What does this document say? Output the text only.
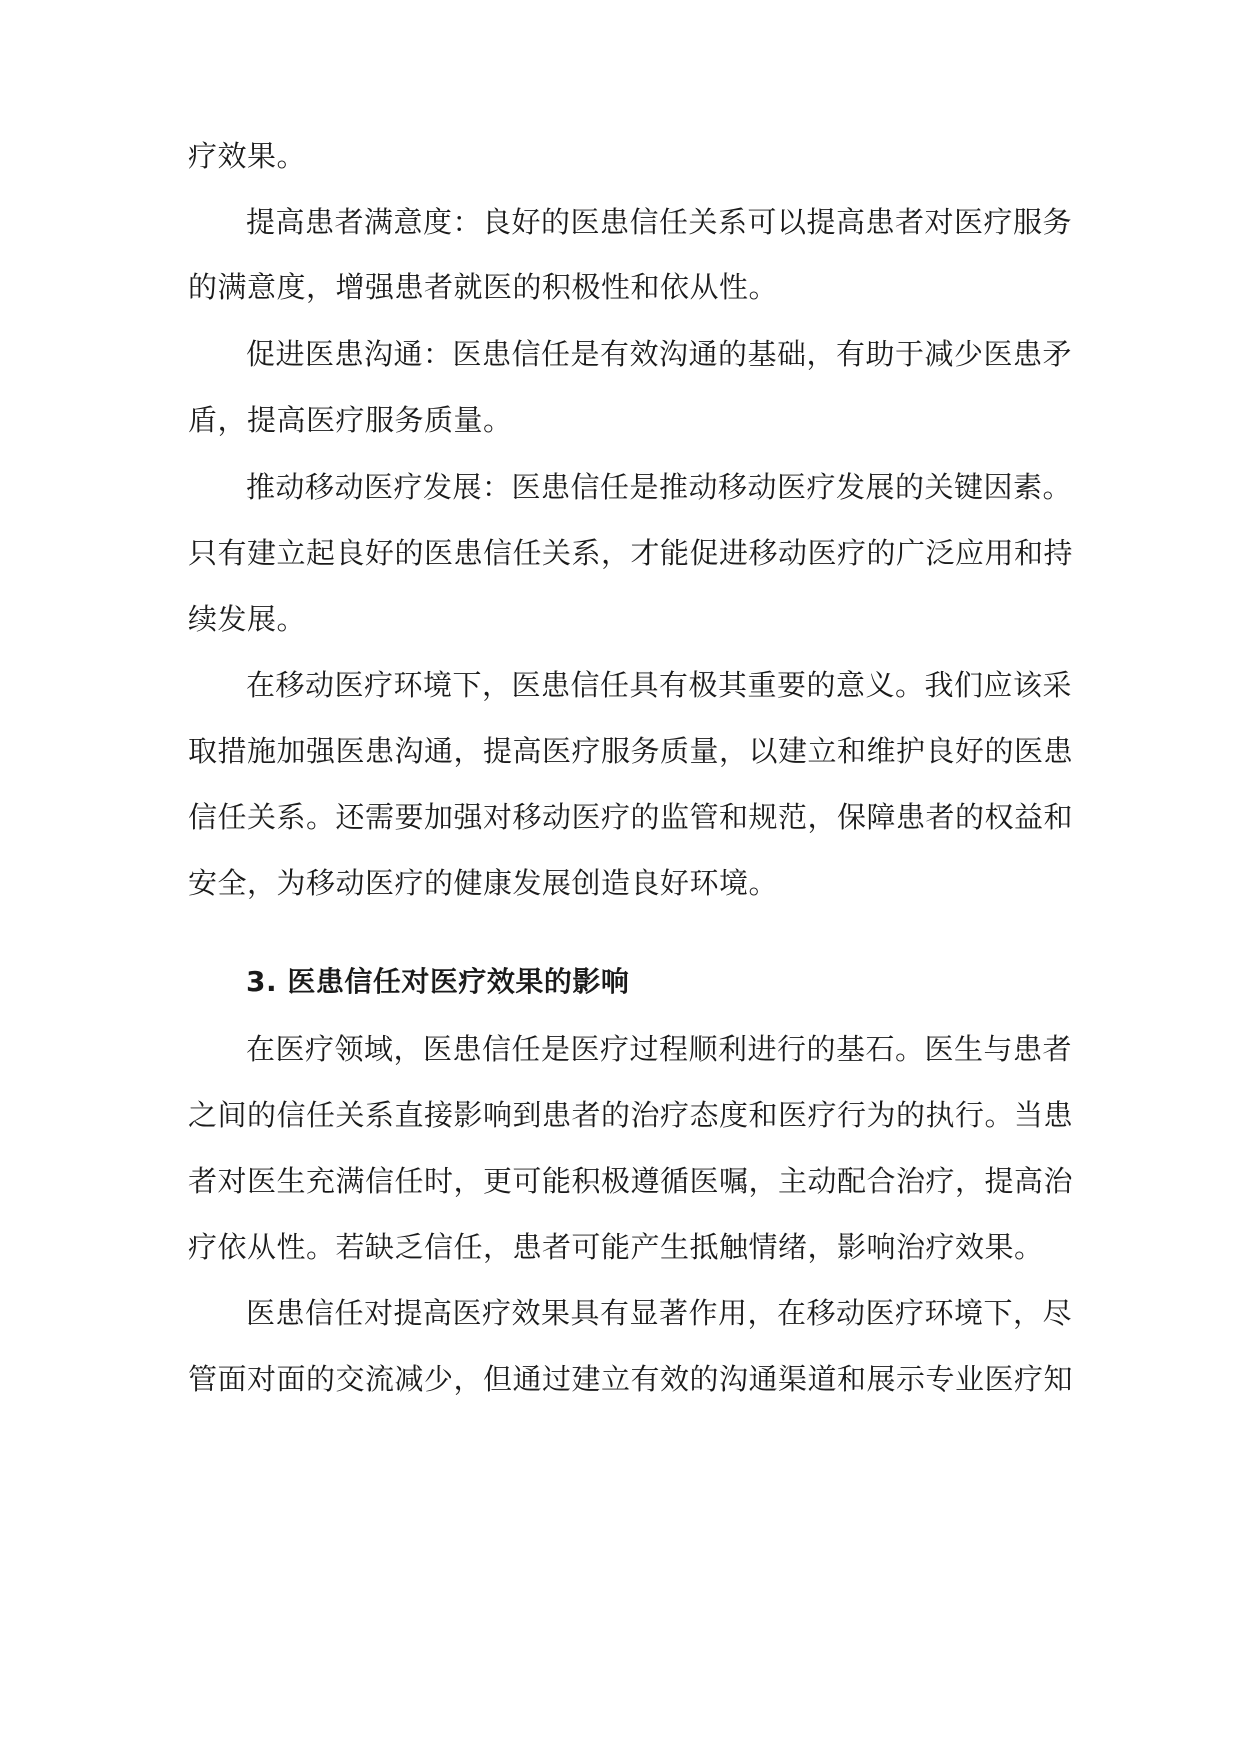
疗效果。
提高患者满意度：良好的医患信任关系可以提高患者对医疗服务
的满意度，增强患者就医的积极性和依从性。
促进医患沟通：医患信任是有效沟通的基础，有助于减少医患矛
盾，提高医疗服务质量。
推动移动医疗发展：医患信任是推动移动医疗发展的关键因素。
只有建立起良好的医患信任关系，才能促进移动医疗的广泛应用和持
续发展。
在移动医疗环境下，医患信任具有极其重要的意义。我们应该采
取措施加强医患沟通，提高医疗服务质量，以建立和维护良好的医患
信任关系。还需要加强对移动医疗的监管和规范，保障患者的权益和
安全，为移动医疗的健康发展创造良好环境。
3. 医患信任对医疗效果的影响
在医疗领域，医患信任是医疗过程顺利进行的基石。医生与患者
之间的信任关系直接影响到患者的治疗态度和医疗行为的执行。当患
者对医生充满信任时，更可能积极遵循医嘱，主动配合治疗，提高治
疗依从性。若缺乏信任，患者可能产生抵触情绪，影响治疗效果。
医患信任对提高医疗效果具有显著作用，在移动医疗环境下，尽
管面对面的交流减少，但通过建立有效的沟通渠道和展示专业医疗知
